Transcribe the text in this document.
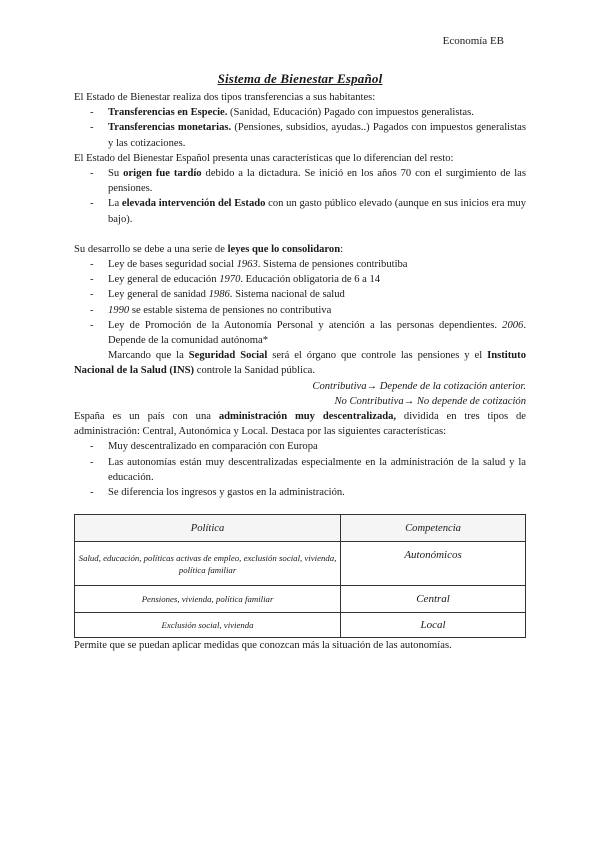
Economía EB
Sistema de Bienestar Español

El Estado de Bienestar realiza dos tipos transferencias a sus habitantes:

- Transferencias en Especie. (Sanidad, Educación) Pagado con impuestos generalistas.
- Transferencias monetarias. (Pensiones, subsidios, ayudas..) Pagados con impuestos generalistas y las cotizaciones.

El Estado del Bienestar Español presenta unas características que lo diferencian del resto:

- Su origen fue tardío debido a la dictadura. Se inició en los años 70 con el surgimiento de las pensiones.
- La elevada intervención del Estado con un gasto público elevado (aunque en sus inicios era muy bajo).

Su desarrollo se debe a una serie de leyes que lo consolidaron:

- Ley de bases seguridad social 1963. Sistema de pensiones contributiba
- Ley general de educación 1970. Educación obligatoria de 6 a 14
- Ley general de sanidad 1986. Sistema nacional de salud
- 1990 se estable sistema de pensiones no contributiva
- Ley de Promoción de la Autonomía Personal y atención a las personas dependientes. 2006. Depende de la comunidad autónoma*

Marcando que la Seguridad Social será el órgano que controle las pensiones y el Instituto Nacional de la Salud (INS) controle la Sanidad pública.

Contributiva→ Depende de la cotización anterior.

No Contributiva→ No depende de cotización

España es un país con una administración muy descentralizada, dividida en tres tipos de administración: Central, Autonómica y Local. Destaca por las siguientes características:

- Muy descentralizado en comparación con Europa
- Las autonomías están muy descentralizadas especialmente en la administración de la salud y la educación.
- Se diferencia los ingresos y gastos en la administración.
Política	Competencia
Salud, educación, políticas activas de empleo, exclusión social, vivienda, política familiar	Autonómicos
Pensiones, vivienda, política familiar	Central
Exclusión social, vivienda	Local

Permite que se puedan aplicar medidas que conozcan más la situación de las autonomías.
